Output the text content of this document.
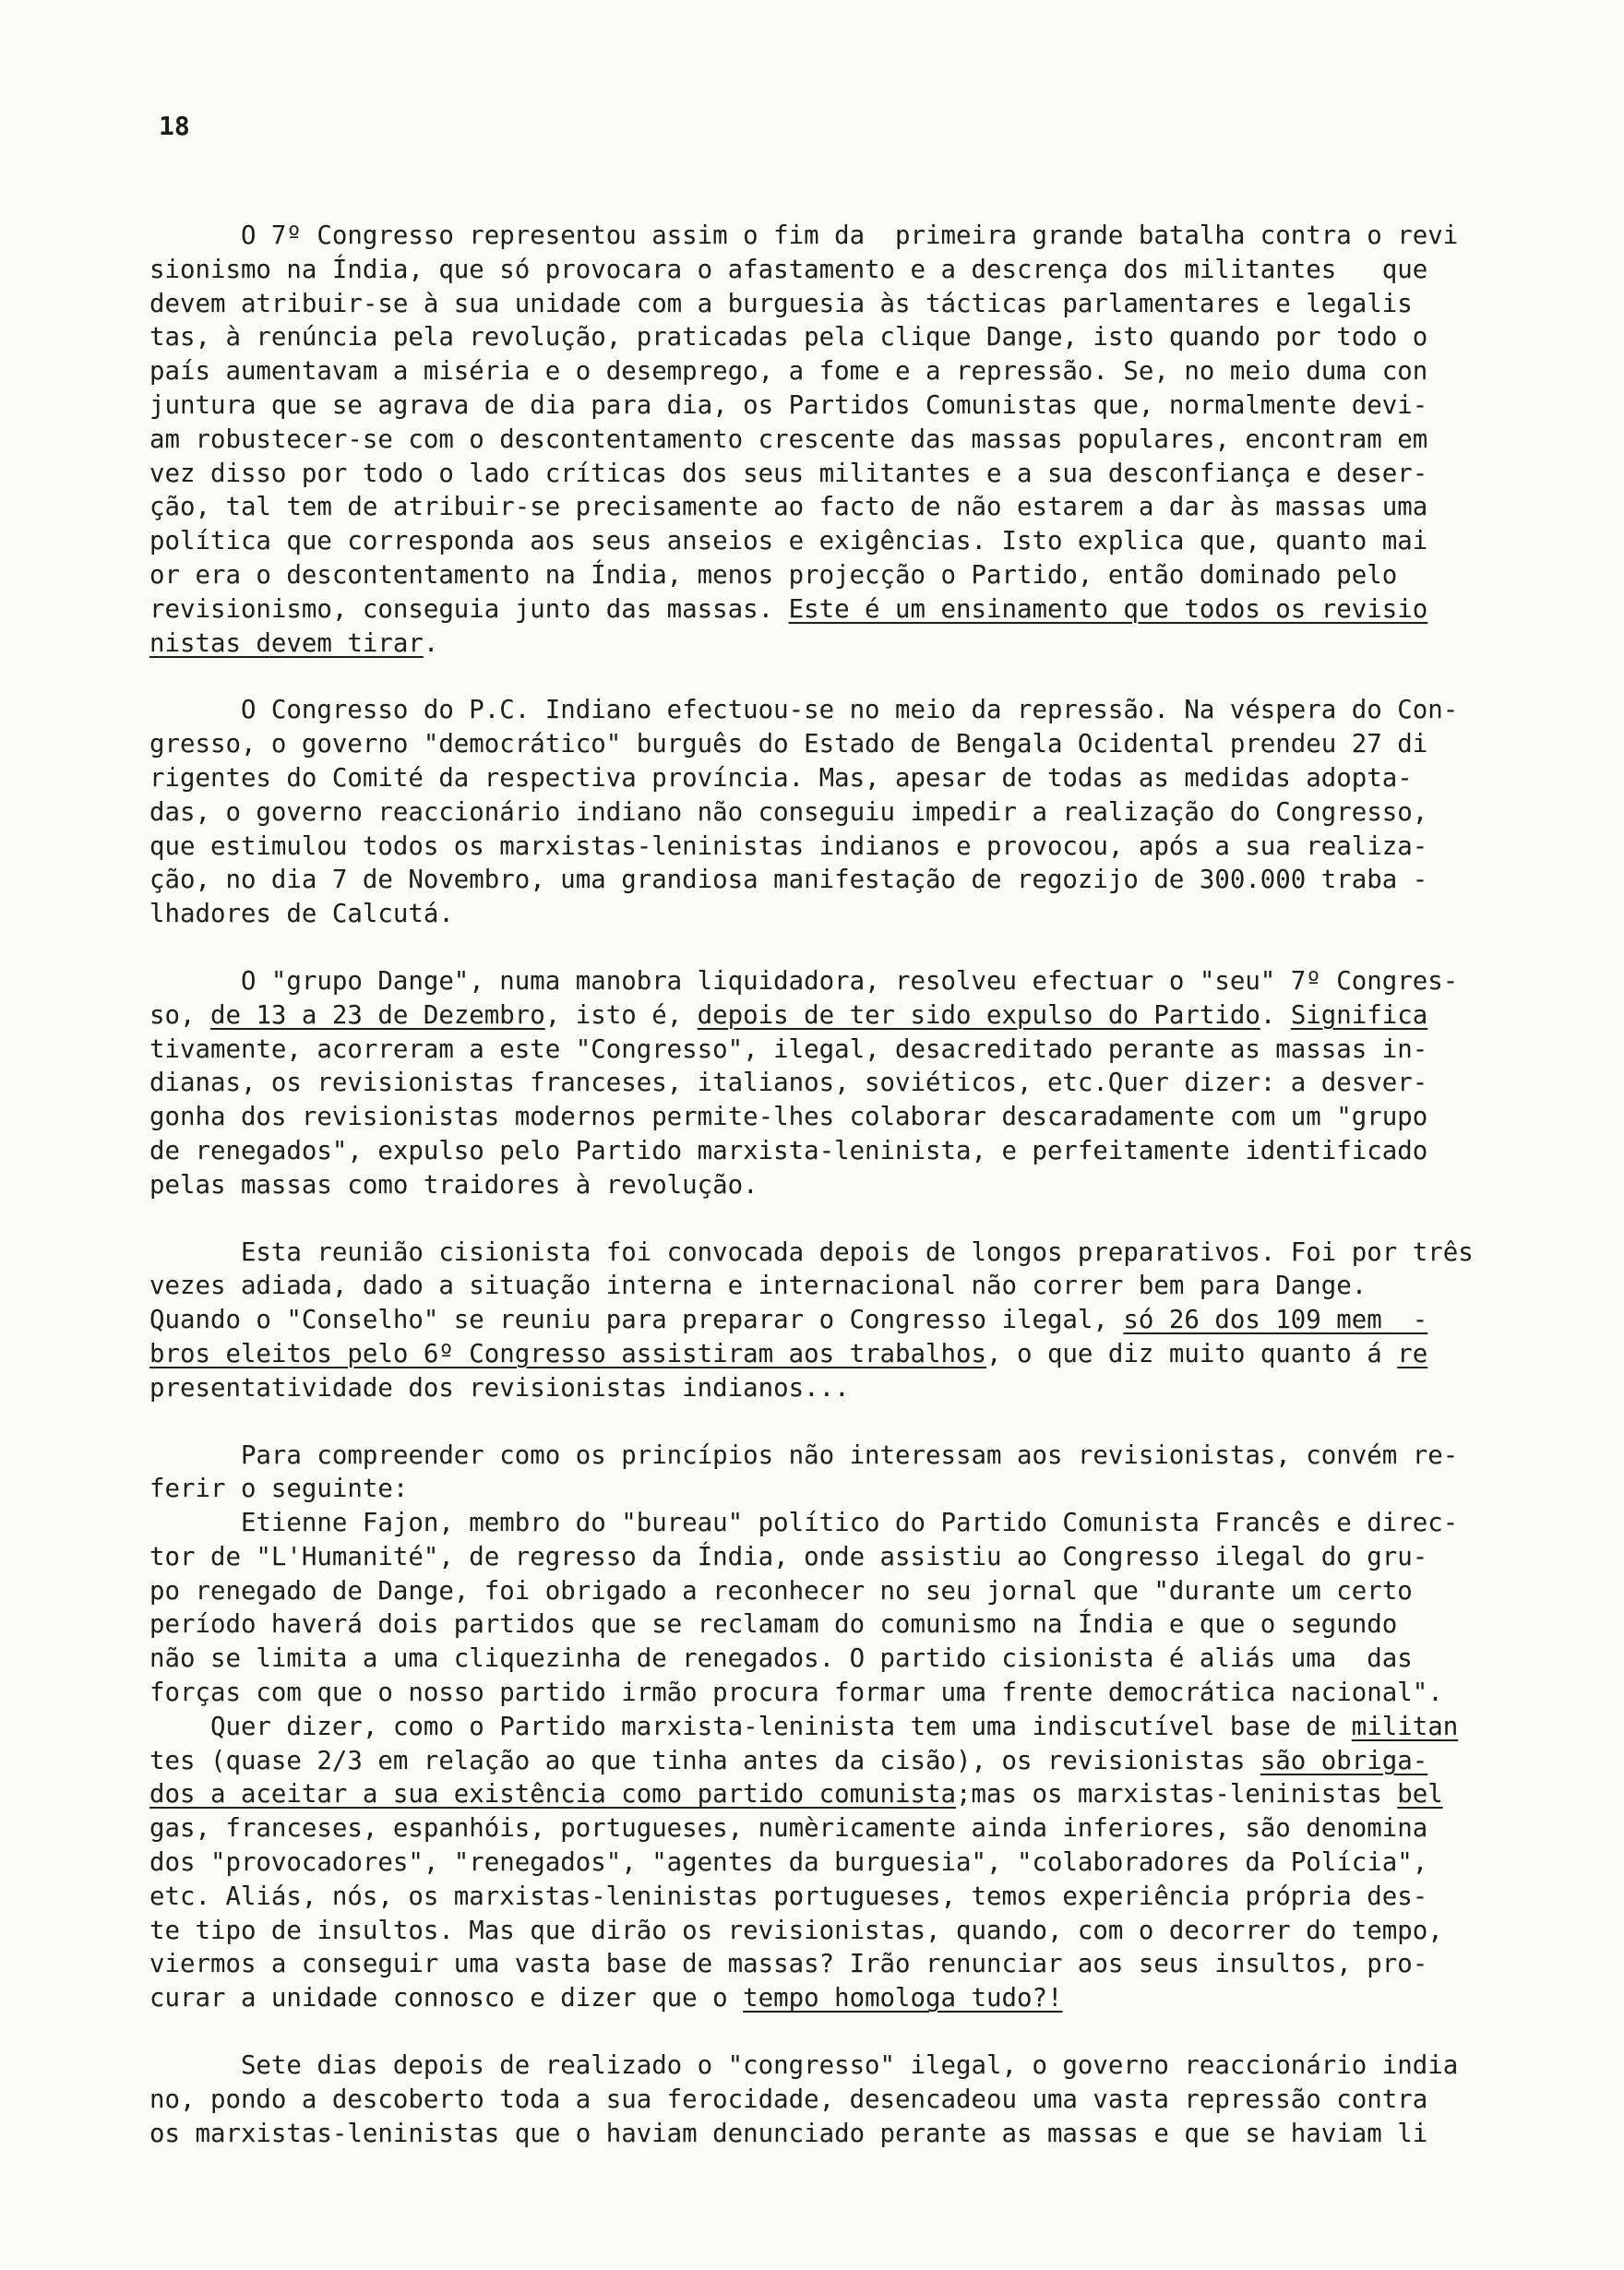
18
O 7º Congresso representou assim o fim da  primeira grande batalha contra o revi
sionismo na Índia, que só provocara o afastamento e a descrença dos militantes   que
devem atribuir-se à sua unidade com a burguesia às tácticas parlamentares e legalis
tas, à renúncia pela revolução, praticadas pela clique Dange, isto quando por todo o
país aumentavam a miséria e o desemprego, a fome e a repressão. Se, no meio duma con
juntura que se agrava de dia para dia, os Partidos Comunistas que, normalmente devi-
am robustecer-se com o descontentamento crescente das massas populares, encontram em
vez disso por todo o lado críticas dos seus militantes e a sua desconfiança e deser-
ção, tal tem de atribuir-se precisamente ao facto de não estarem a dar às massas uma
política que corresponda aos seus anseios e exigências. Isto explica que, quanto mai
or era o descontentamento na Índia, menos projecção o Partido, então dominado pelo
revisionismo, conseguia junto das massas. Este é um ensinamento que todos os revisio
nistas devem tirar.
O Congresso do P.C. Indiano efectuou-se no meio da repressão. Na véspera do Con-
gresso, o governo "democrático" burguês do Estado de Bengala Ocidental prendeu 27 di
rigentes do Comité da respectiva província. Mas, apesar de todas as medidas adopta-
das, o governo reaccionário indiano não conseguiu impedir a realização do Congresso,
que estimulou todos os marxistas-leninistas indianos e provocou, após a sua realiza-
ção, no dia 7 de Novembro, uma grandiosa manifestação de regozijo de 300.000 traba -
lhadores de Calcutá.
O "grupo Dange", numa manobra liquidadora, resolveu efectuar o "seu" 7º Congres-
so, de 13 a 23 de Dezembro, isto é, depois de ter sido expulso do Partido. Significa
tivamente, acorreram a este "Congresso", ilegal, desacreditado perante as massas in-
dianas, os revisionistas franceses, italianos, soviéticos, etc.Quer dizer: a desver-
gonha dos revisionistas modernos permite-lhes colaborar descaradamente com um "grupo
de renegados", expulso pelo Partido marxista-leninista, e perfeitamente identificado
pelas massas como traidores à revolução.
Esta reunião cisionista foi convocada depois de longos preparativos. Foi por três
vezes adiada, dado a situação interna e internacional não correr bem para Dange.
Quando o "Conselho" se reuniu para preparar o Congresso ilegal, só 26 dos 109 mem  -
bros eleitos pelo 6º Congresso assistiram aos trabalhos, o que diz muito quanto á re
presentatividade dos revisionistas indianos...
Para compreender como os princípios não interessam aos revisionistas, convém re-
ferir o seguinte:
Etienne Fajon, membro do "bureau" político do Partido Comunista Francês e direc-
tor de "L'Humanité", de regresso da Índia, onde assistiu ao Congresso ilegal do gru-
po renegado de Dange, foi obrigado a reconhecer no seu jornal que "durante um certo
período haverá dois partidos que se reclamam do comunismo na Índia e que o segundo
não se limita a uma cliquezinha de renegados. O partido cisionista é aliás uma  das
forças com que o nosso partido irmão procura formar uma frente democrática nacional".
Quer dizer, como o Partido marxista-leninista tem uma indiscutível base de militan
tes (quase 2/3 em relação ao que tinha antes da cisão), os revisionistas são obriga-
dos a aceitar a sua existência como partido comunista;mas os marxistas-leninistas bel
gas, franceses, espanhóis, portugueses, numèricamente ainda inferiores, são denomina
dos "provocadores", "renegados", "agentes da burguesia", "colaboradores da Polícia",
etc. Aliás, nós, os marxistas-leninistas portugueses, temos experiência própria des-
te tipo de insultos. Mas que dirão os revisionistas, quando, com o decorrer do tempo,
viermos a conseguir uma vasta base de massas? Irão renunciar aos seus insultos, pro-
curar a unidade connosco e dizer que o tempo homologa tudo?!
Sete dias depois de realizado o "congresso" ilegal, o governo reaccionário india
no, pondo a descoberto toda a sua ferocidade, desencadeou uma vasta repressão contra
os marxistas-leninistas que o haviam denunciado perante as massas e que se haviam li
